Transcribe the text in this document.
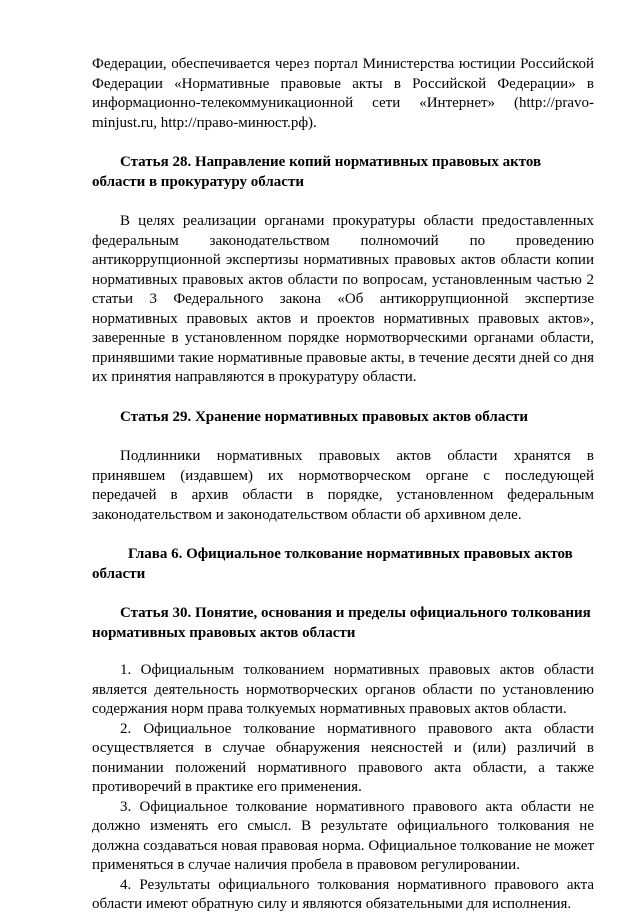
Федерации, обеспечивается через портал Министерства юстиции Российской Федерации «Нормативные правовые акты в Российской Федерации» в информационно-телекоммуникационной сети «Интернет» (http://pravo-minjust.ru, http://право-минюст.рф).

Статья 28. Направление копий нормативных правовых актов области в прокуратуру области

В целях реализации органами прокуратуры области предоставленных федеральным законодательством полномочий по проведению антикоррупционной экспертизы нормативных правовых актов области копии нормативных правовых актов области по вопросам, установленным частью 2 статьи 3 Федерального закона «Об антикоррупционной экспертизе нормативных правовых актов и проектов нормативных правовых актов», заверенные в установленном порядке нормотворческими органами области, принявшими такие нормативные правовые акты, в течение десяти дней со дня их принятия направляются в прокуратуру области.

Статья 29. Хранение нормативных правовых актов области

Подлинники нормативных правовых актов области хранятся в принявшем (издавшем) их нормотворческом органе с последующей передачей в архив области в порядке, установленном федеральным законодательством и законодательством области об архивном деле.

Глава 6. Официальное толкование нормативных правовых актов области

Статья 30. Понятие, основания и пределы официального толкования нормативных правовых актов области

1. Официальным толкованием нормативных правовых актов области является деятельность нормотворческих органов области по установлению содержания норм права толкуемых нормативных правовых актов области.

2. Официальное толкование нормативного правового акта области осуществляется в случае обнаружения неясностей и (или) различий в понимании положений нормативного правового акта области, а также противоречий в практике его применения.

3. Официальное толкование нормативного правового акта области не должно изменять его смысл. В результате официального толкования не должна создаваться новая правовая норма. Официальное толкование не может применяться в случае наличия пробела в правовом регулировании.

4. Результаты официального толкования нормативного правового акта области имеют обратную силу и являются обязательными для исполнения.
